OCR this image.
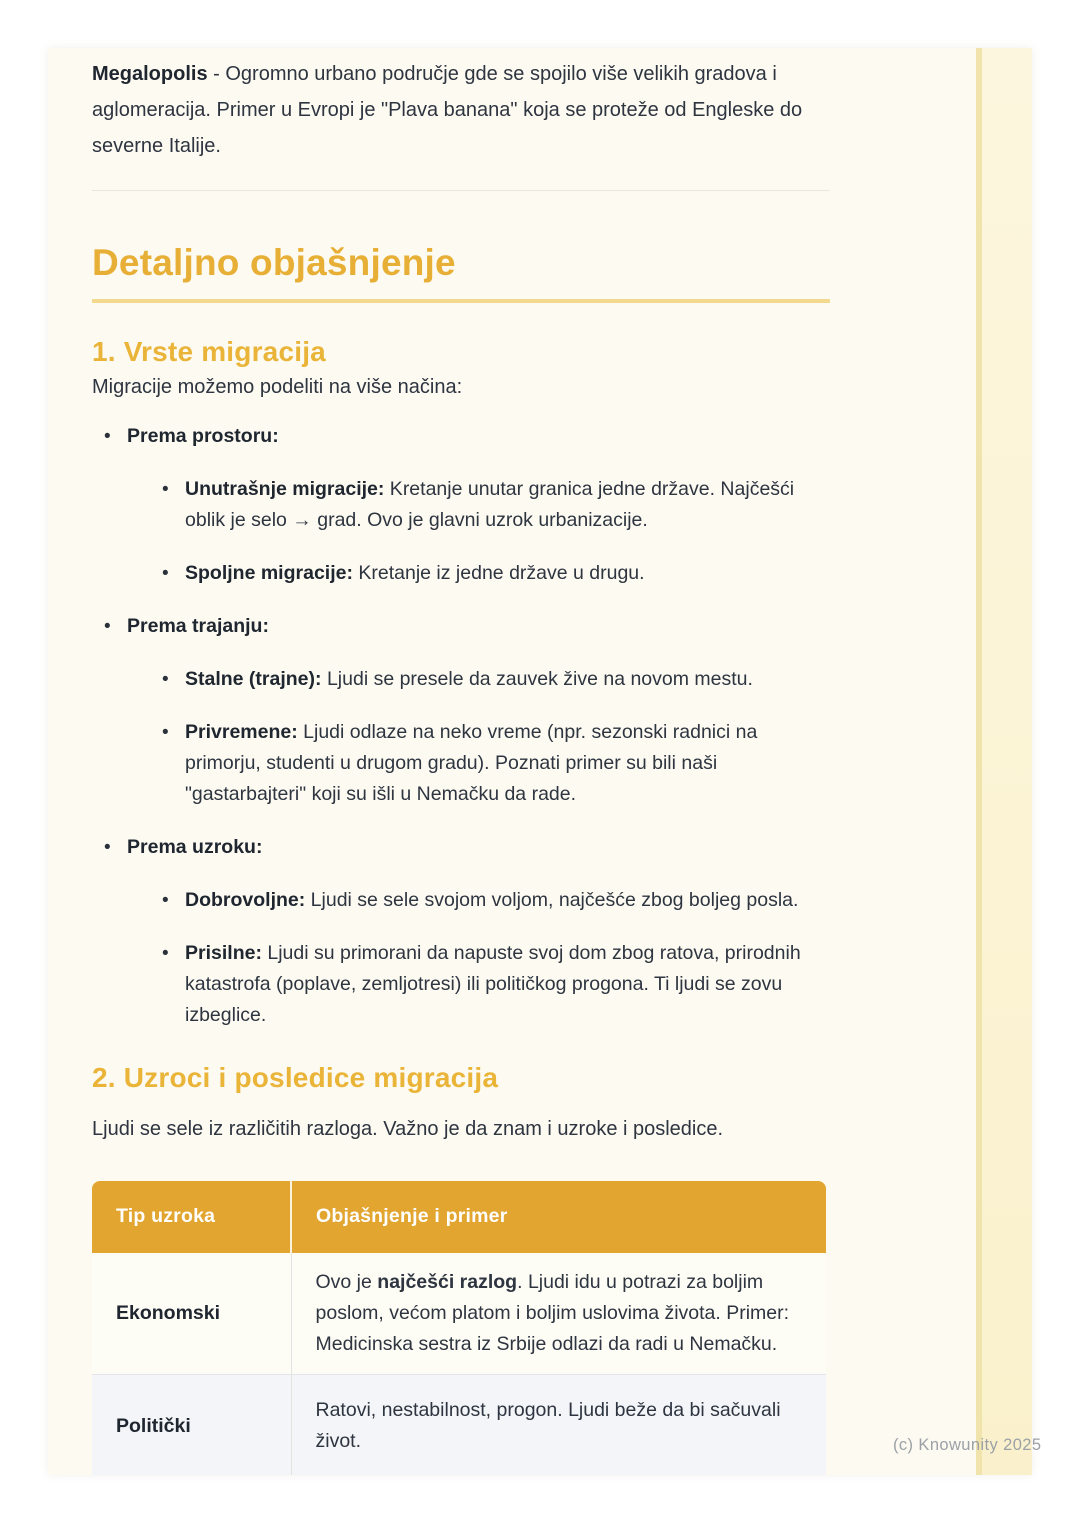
Megalopolis - Ogromno urbano područje gde se spojilo više velikih gradova i aglomeracija. Primer u Evropi je "Plava banana" koja se proteže od Engleske do severne Italije.

Detaljno objašnjenje
1. Vrste migracija

Migracije možemo podeliti na više načina:

• Prema prostoru:
• Unutrašnje migracije: Kretanje unutar granica jedne države. Najčešći oblik je selo → grad. Ovo je glavni uzrok urbanizacije.
• Spoljne migracije: Kretanje iz jedne države u drugu.
• Prema trajanju:
• Stalne (trajne): Ljudi se presele da zauvek žive na novom mestu.
• Privremene: Ljudi odlaze na neko vreme (npr. sezonski radnici na primorju, studenti u drugom gradu). Poznati primer su bili naši "gastarbajteri" koji su išli u Nemačku da rade.
• Prema uzroku:
• Dobrovoljne: Ljudi se sele svojom voljom, najčešće zbog boljeg posla.
• Prisilne: Ljudi su primorani da napuste svoj dom zbog ratova, prirodnih katastrofa (poplave, zemljotresi) ili političkog progona. Ti ljudi se zovu izbeglice.
2. Uzroci i posledice migracija

Ljudi se sele iz različitih razloga. Važno je da znam i uzroke i posledice.

Tip uzroka	Objašnjenje i primer
Ekonomski	Ovo je najčešći razlog. Ljudi idu u potrazi za boljim poslom, većom platom i boljim uslovima života. Primer: Medicinska sestra iz Srbije odlazi da radi u Nemačku.
Politički	Ratovi, nestabilnost, progon. Ljudi beže da bi sačuvali život.	(c) Knowunity 2025
